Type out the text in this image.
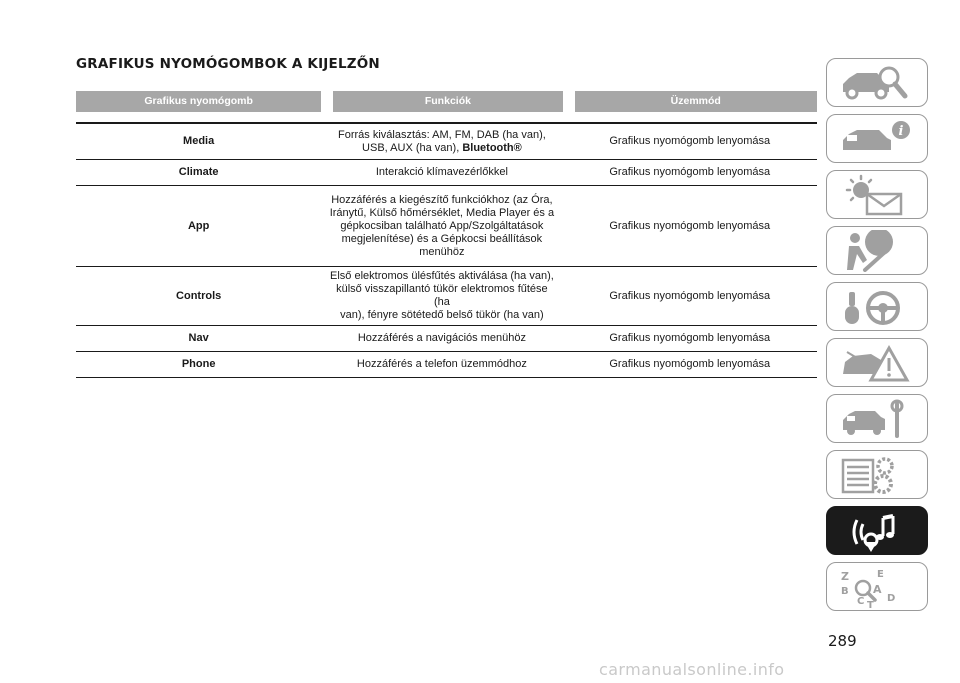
GRAFIKUS NYOMÓGOMBOK A KIJELZŐN
Grafikus nyomógomb	Funkciók	Üzemmód

Media	Forrás kiválasztás: AM, FM, DAB (ha van),
USB, AUX (ha van), Bluetooth®	Grafikus nyomógomb lenyomása
Climate	Interakció klímavezérlőkkel	Grafikus nyomógomb lenyomása
App	Hozzáférés a kiegészítő funkciókhoz (az Óra,
Iránytű, Külső hőmérséklet, Media Player és a
gépkocsiban található App/Szolgáltatások
megjelenítése) és a Gépkocsi beállítások
menühöz	Grafikus nyomógomb lenyomása
Controls	Első elektromos ülésfűtés aktiválása (ha van),
külső visszapillantó tükör elektromos fűtése (ha
van), fényre sötétedő belső tükör (ha van)	Grafikus nyomógomb lenyomása
Nav	Hozzáférés a navigációs menühöz	Grafikus nyomógomb lenyomása
Phone	Hozzáférés a telefon üzemmódhoz	Grafikus nyomógomb lenyomása
i
Z	E
B A
C D
T
289
carmanualsonline.info
